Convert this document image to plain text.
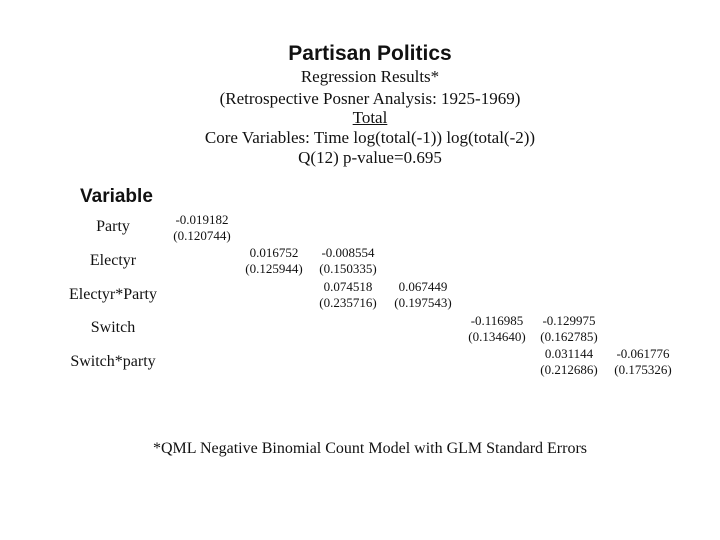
Partisan Politics
Regression Results*
(Retrospective Posner Analysis: 1925-1969)
Total
Core Variables: Time log(total(-1)) log(total(-2))
Q(12) p-value=0.695
Variable
Party
Electyr
Electyr*Party
Switch
Switch*party
-0.019182
(0.120744)
0.016752
(0.125944)
-0.008554
(0.150335)
0.074518
(0.235716)
0.067449
(0.197543)
-0.116985
(0.134640)
-0.129975
(0.162785)
0.031144
(0.212686)
-0.061776
(0.175326)
*QML Negative Binomial Count Model with GLM Standard Errors
